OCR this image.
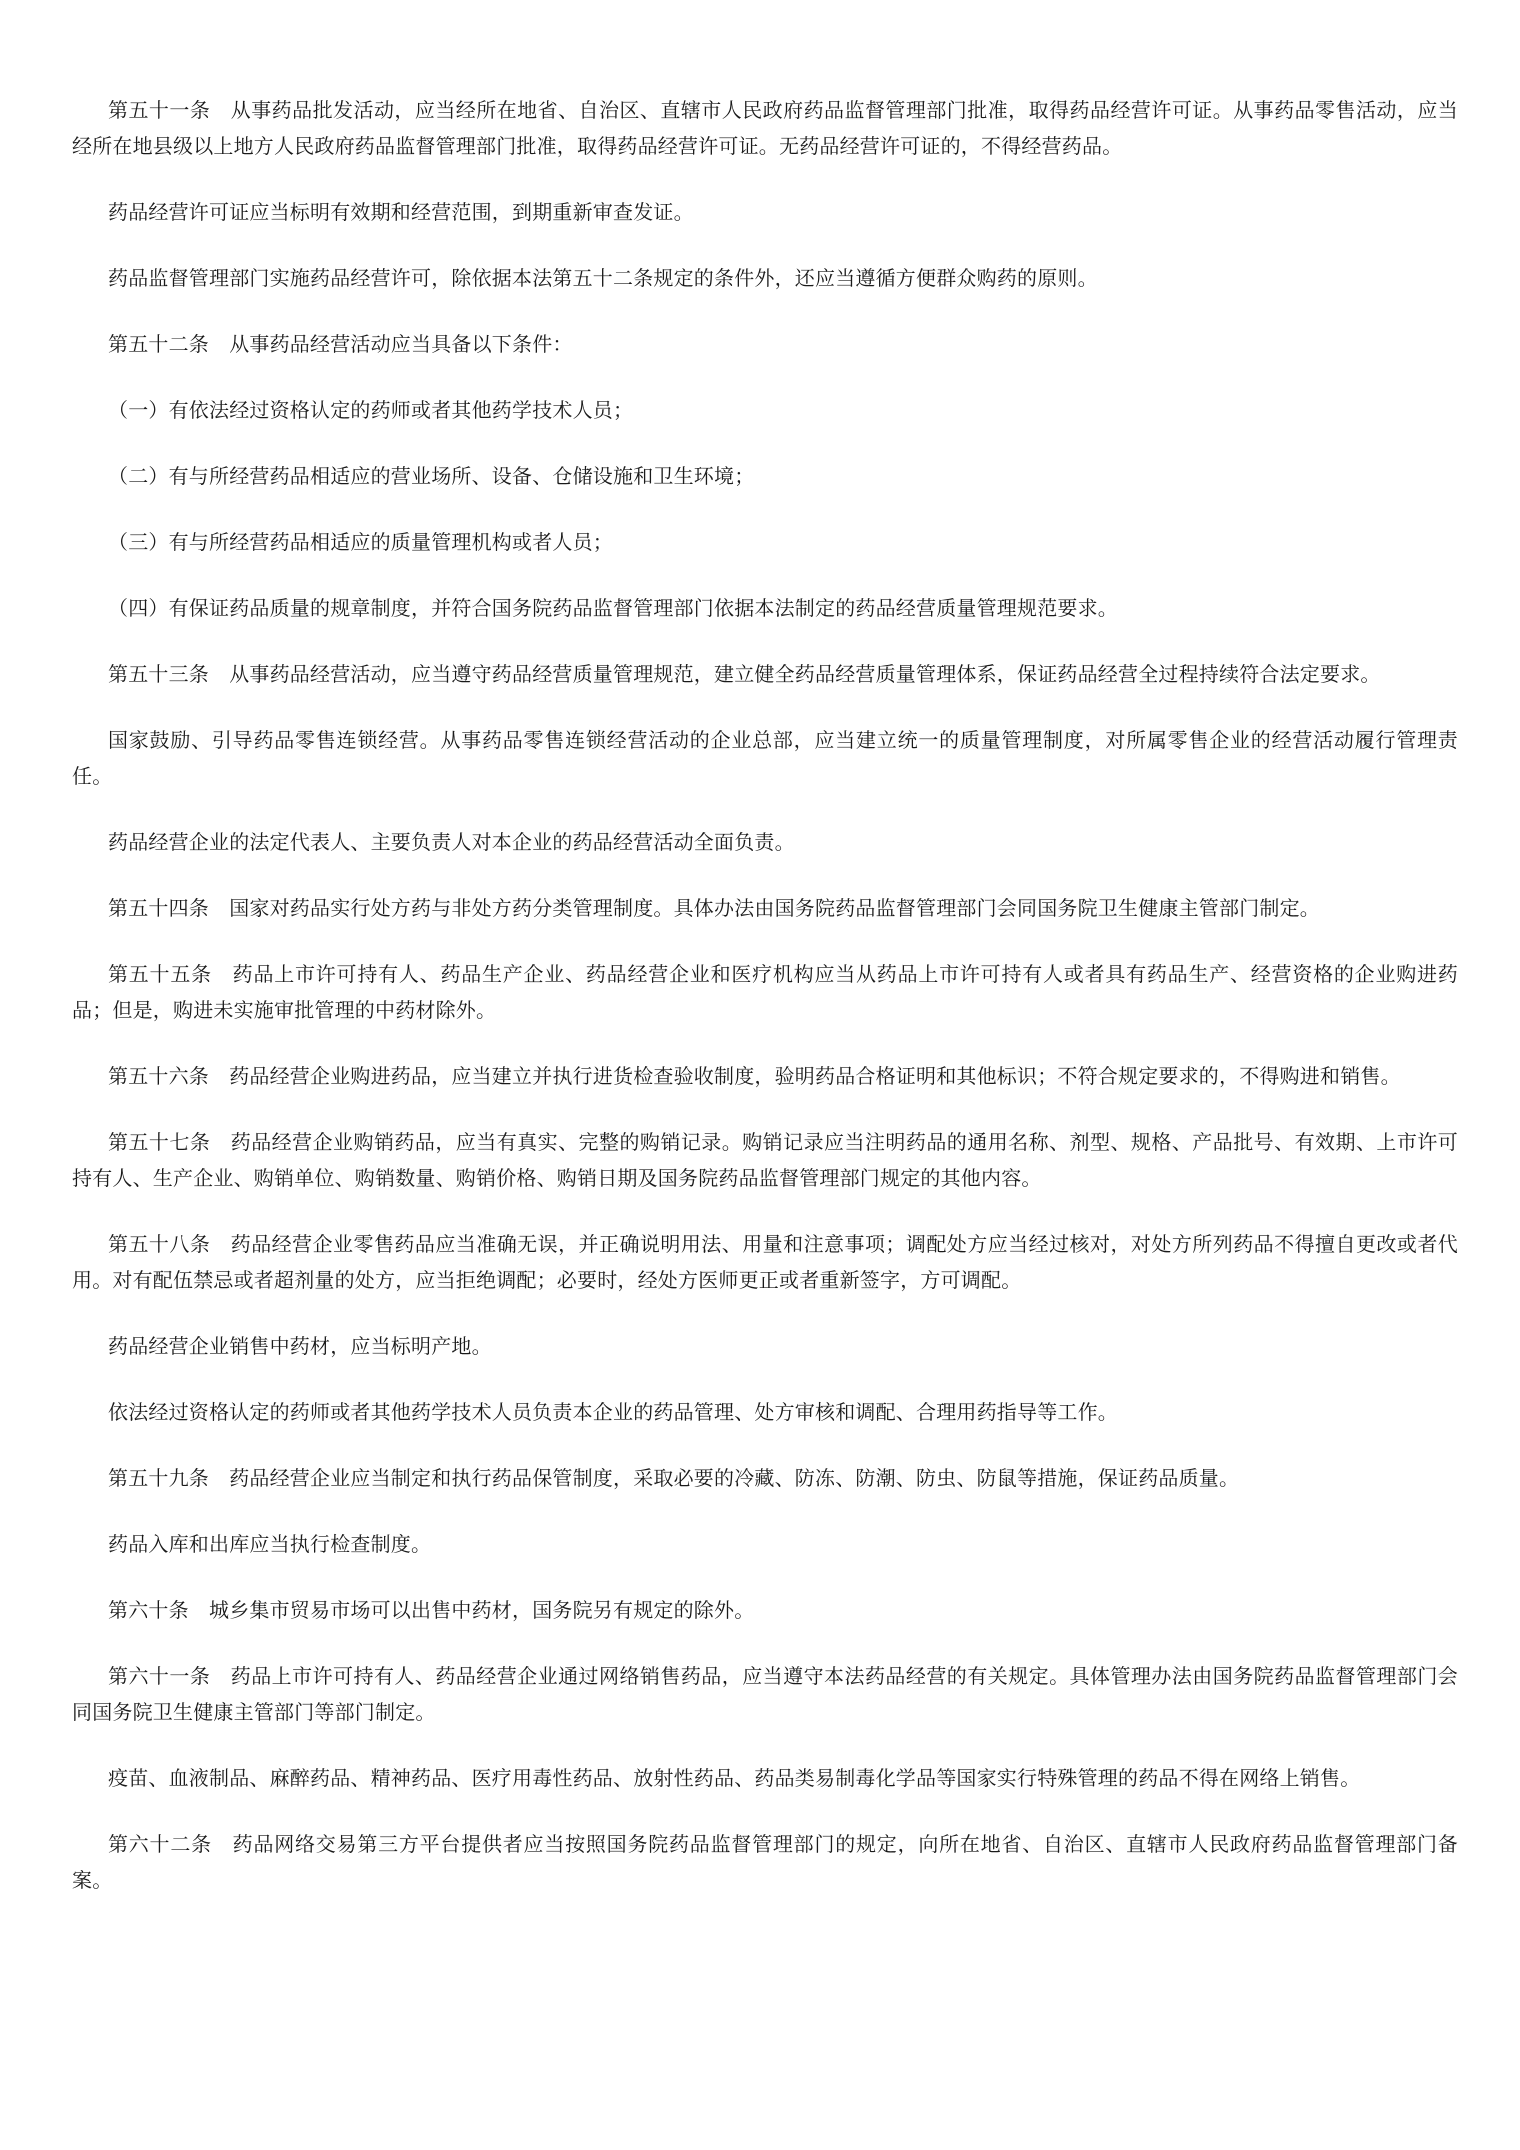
第五十一条　从事药品批发活动，应当经所在地省、自治区、直辖市人民政府药品监督管理部门批准，取得药品经营许可证。从事药品零售活动，应当经所在地县级以上地方人民政府药品监督管理部门批准，取得药品经营许可证。无药品经营许可证的，不得经营药品。

药品经营许可证应当标明有效期和经营范围，到期重新审查发证。

药品监督管理部门实施药品经营许可，除依据本法第五十二条规定的条件外，还应当遵循方便群众购药的原则。

第五十二条　从事药品经营活动应当具备以下条件：

（一）有依法经过资格认定的药师或者其他药学技术人员；

（二）有与所经营药品相适应的营业场所、设备、仓储设施和卫生环境；

（三）有与所经营药品相适应的质量管理机构或者人员；

（四）有保证药品质量的规章制度，并符合国务院药品监督管理部门依据本法制定的药品经营质量管理规范要求。

第五十三条　从事药品经营活动，应当遵守药品经营质量管理规范，建立健全药品经营质量管理体系，保证药品经营全过程持续符合法定要求。

国家鼓励、引导药品零售连锁经营。从事药品零售连锁经营活动的企业总部，应当建立统一的质量管理制度，对所属零售企业的经营活动履行管理责任。

药品经营企业的法定代表人、主要负责人对本企业的药品经营活动全面负责。

第五十四条　国家对药品实行处方药与非处方药分类管理制度。具体办法由国务院药品监督管理部门会同国务院卫生健康主管部门制定。

第五十五条　药品上市许可持有人、药品生产企业、药品经营企业和医疗机构应当从药品上市许可持有人或者具有药品生产、经营资格的企业购进药品；但是，购进未实施审批管理的中药材除外。

第五十六条　药品经营企业购进药品，应当建立并执行进货检查验收制度，验明药品合格证明和其他标识；不符合规定要求的，不得购进和销售。

第五十七条　药品经营企业购销药品，应当有真实、完整的购销记录。购销记录应当注明药品的通用名称、剂型、规格、产品批号、有效期、上市许可持有人、生产企业、购销单位、购销数量、购销价格、购销日期及国务院药品监督管理部门规定的其他内容。

第五十八条　药品经营企业零售药品应当准确无误，并正确说明用法、用量和注意事项；调配处方应当经过核对，对处方所列药品不得擅自更改或者代用。对有配伍禁忌或者超剂量的处方，应当拒绝调配；必要时，经处方医师更正或者重新签字，方可调配。

药品经营企业销售中药材，应当标明产地。

依法经过资格认定的药师或者其他药学技术人员负责本企业的药品管理、处方审核和调配、合理用药指导等工作。

第五十九条　药品经营企业应当制定和执行药品保管制度，采取必要的冷藏、防冻、防潮、防虫、防鼠等措施，保证药品质量。

药品入库和出库应当执行检查制度。

第六十条　城乡集市贸易市场可以出售中药材，国务院另有规定的除外。

第六十一条　药品上市许可持有人、药品经营企业通过网络销售药品，应当遵守本法药品经营的有关规定。具体管理办法由国务院药品监督管理部门会同国务院卫生健康主管部门等部门制定。

疫苗、血液制品、麻醉药品、精神药品、医疗用毒性药品、放射性药品、药品类易制毒化学品等国家实行特殊管理的药品不得在网络上销售。

第六十二条　药品网络交易第三方平台提供者应当按照国务院药品监督管理部门的规定，向所在地省、自治区、直辖市人民政府药品监督管理部门备案。
